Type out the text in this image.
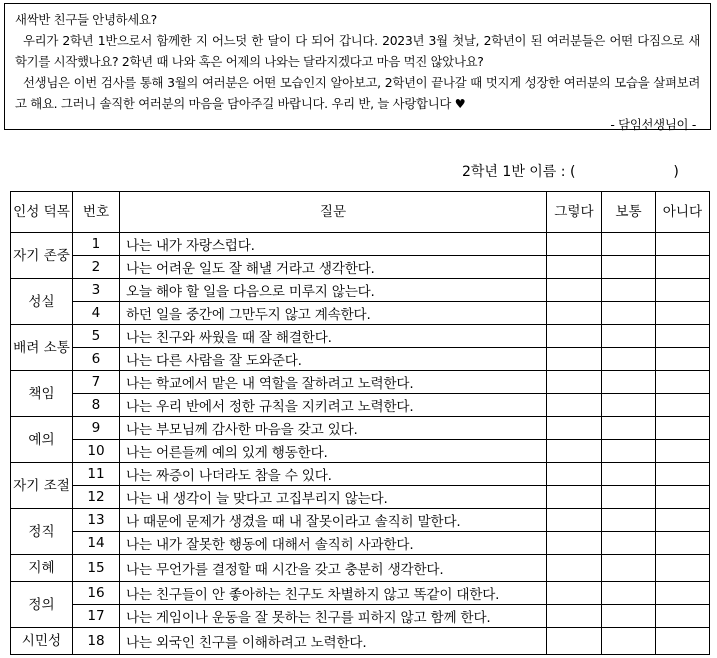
새싹반 친구들 안녕하세요?

우리가 2학년 1반으로서 함께한 지 어느덧 한 달이 다 되어 갑니다. 2023년 3월 첫날, 2학년이 된 여러분들은 어떤 다짐으로 새 학기를 시작했나요? 2학년 때 나와 혹은 어제의 나와는 달라지겠다고 마음 먹진 않았나요?

선생님은 이번 검사를 통해 3월의 여러분은 어떤 모습인지 알아보고, 2학년이 끝나갈 때 멋지게 성장한 여러분의 모습을 살펴보려고 해요. 그러니 솔직한 여러분의 마음을 담아주길 바랍니다. 우리 반, 늘 사랑합니다 ♥

- 담임선생님이 -

2학년 1반 이름 : (	)
인성 덕목	번호	질문	그렇다	보통	아니다
자기 존중	1	나는 내가 자랑스럽다.			
	2	나는 어려운 일도 잘 해낼 거라고 생각한다.			
성실	3	오늘 해야 할 일을 다음으로 미루지 않는다.			
	4	하던 일을 중간에 그만두지 않고 계속한다.			
배려 소통	5	나는 친구와 싸웠을 때 잘 해결한다.			
	6	나는 다른 사람을 잘 도와준다.			
책임	7	나는 학교에서 맡은 내 역할을 잘하려고 노력한다.			
	8	나는 우리 반에서 정한 규칙을 지키려고 노력한다.			
예의	9	나는 부모님께 감사한 마음을 갖고 있다.			
	10	나는 어른들께 예의 있게 행동한다.			
자기 조절	11	나는 짜증이 나더라도 참을 수 있다.			
	12	나는 내 생각이 늘 맞다고 고집부리지 않는다.			
정직	13	나 때문에 문제가 생겼을 때 내 잘못이라고 솔직히 말한다.			
	14	나는 내가 잘못한 행동에 대해서 솔직히 사과한다.			
지혜	15	나는 무언가를 결정할 때 시간을 갖고 충분히 생각한다.			
정의	16	나는 친구들이 안 좋아하는 친구도 차별하지 않고 똑같이 대한다.			
	17	나는 게임이나 운동을 잘 못하는 친구를 피하지 않고 함께 한다.			
시민성	18	나는 외국인 친구를 이해하려고 노력한다.			
